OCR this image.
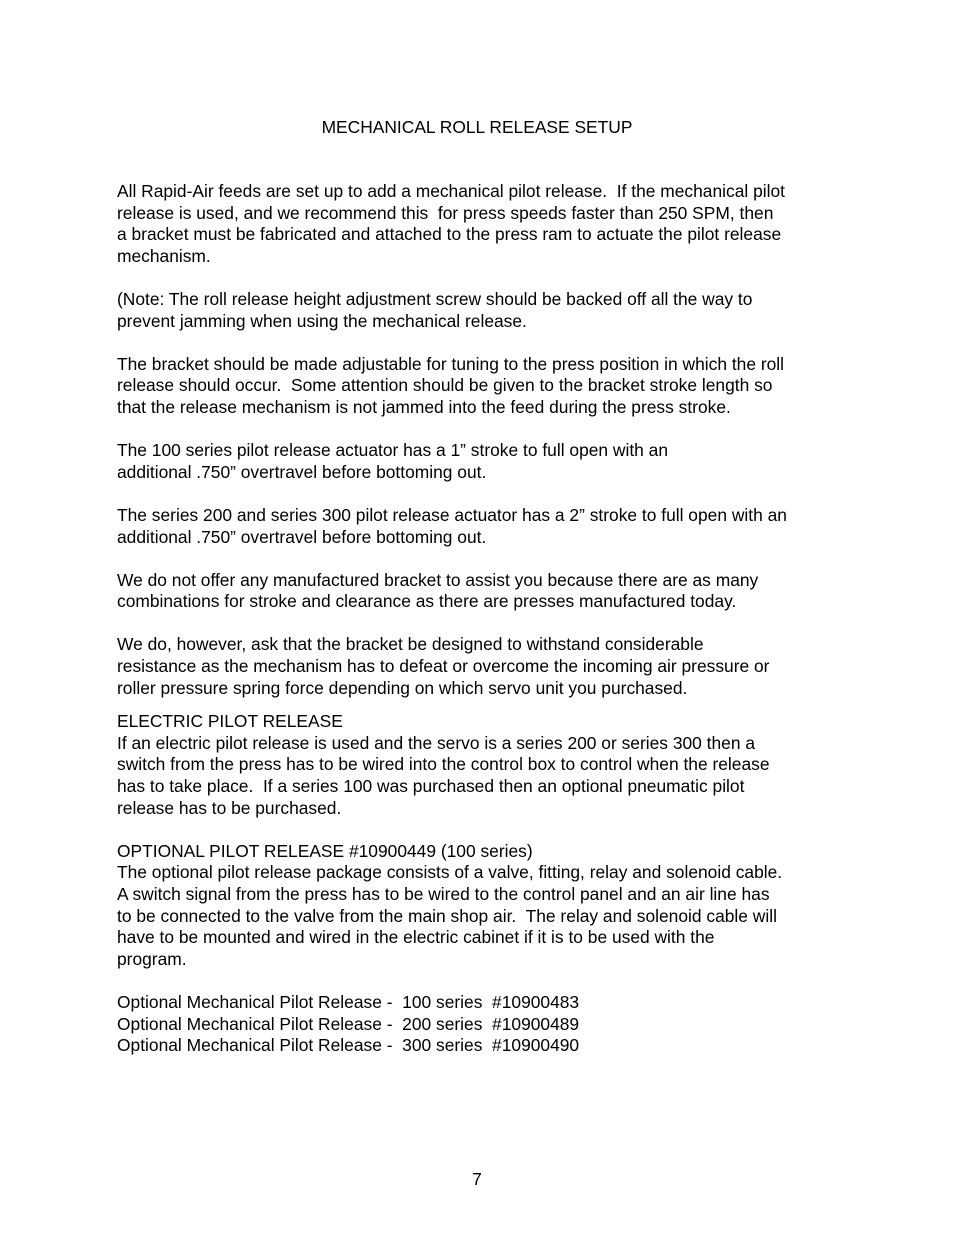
MECHANICAL ROLL RELEASE SETUP

All Rapid-Air feeds are set up to add a mechanical pilot release.  If the mechanical pilot

release is used, and we recommend this  for press speeds faster than 250 SPM, then

a bracket must be fabricated and attached to the press ram to actuate the pilot release

mechanism.

(Note: The roll release height adjustment screw should be backed off all the way to

prevent jamming when using the mechanical release.

The bracket should be made adjustable for tuning to the press position in which the roll

release should occur.  Some attention should be given to the bracket stroke length so

that the release mechanism is not jammed into the feed during the press stroke.

The 100 series pilot release actuator has a 1” stroke to full open with an

additional .750” overtravel before bottoming out.

The series 200 and series 300 pilot release actuator has a 2” stroke to full open with an

additional .750” overtravel before bottoming out.

We do not offer any manufactured bracket to assist you because there are as many

combinations for stroke and clearance as there are presses manufactured today.

We do, however, ask that the bracket be designed to withstand considerable

resistance as the mechanism has to defeat or overcome the incoming air pressure or

roller pressure spring force depending on which servo unit you purchased.

ELECTRIC PILOT RELEASE

If an electric pilot release is used and the servo is a series 200 or series 300 then a

switch from the press has to be wired into the control box to control when the release

has to take place.  If a series 100 was purchased then an optional pneumatic pilot

release has to be purchased.

OPTIONAL PILOT RELEASE #10900449 (100 series)

The optional pilot release package consists of a valve, fitting, relay and solenoid cable.

A switch signal from the press has to be wired to the control panel and an air line has

to be connected to the valve from the main shop air.  The relay and solenoid cable will

have to be mounted and wired in the electric cabinet if it is to be used with the

program.

Optional Mechanical Pilot Release -  100 series  #10900483

Optional Mechanical Pilot Release -  200 series  #10900489

Optional Mechanical Pilot Release -  300 series  #10900490

7
